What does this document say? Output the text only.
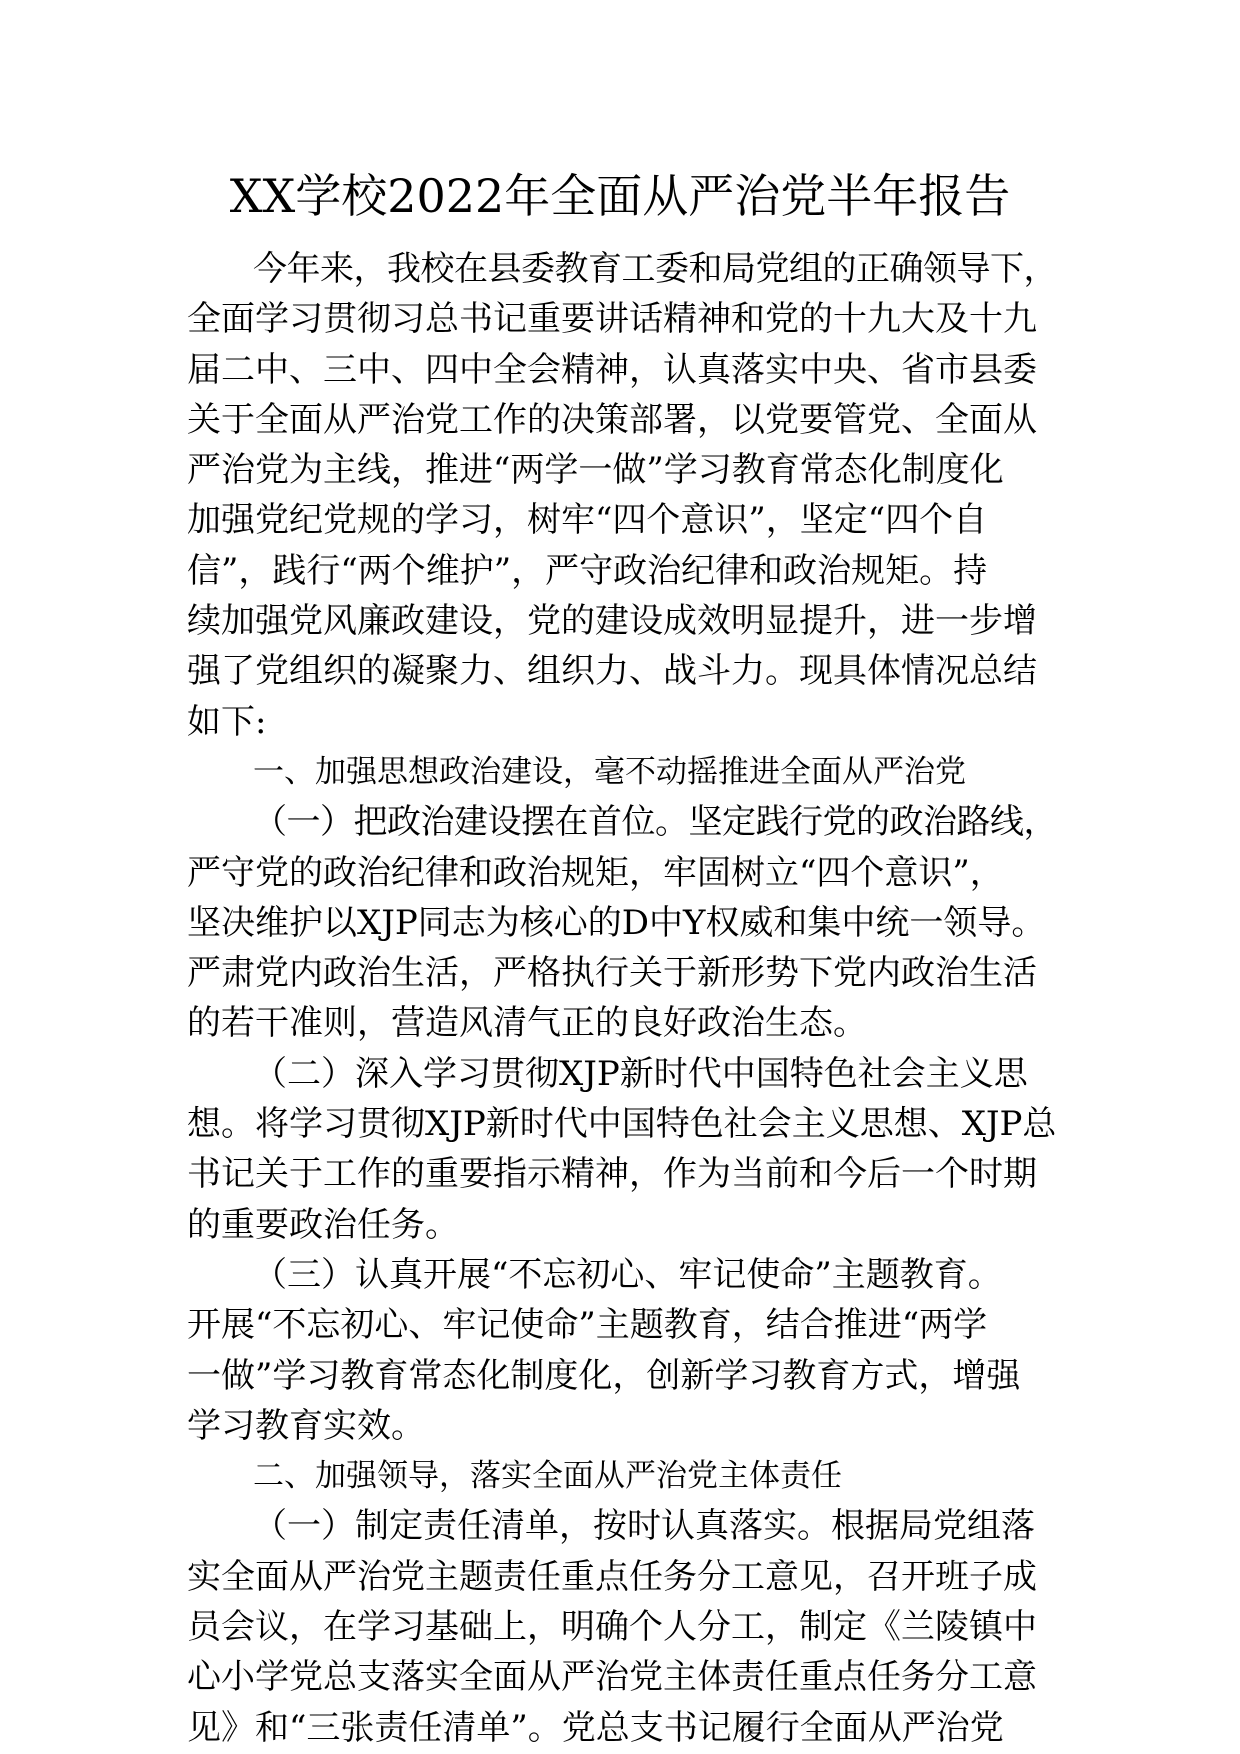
XX学校2022年全面从严治党半年报告
今年来，我校在县委教育工委和局党组的正确领导下，
全面学习贯彻习总书记重要讲话精神和党的十九大及十九
届二中、三中、四中全会精神，认真落实中央、省市县委
关于全面从严治党工作的决策部署，以党要管党、全面从
严治党为主线，推进“两学一做”学习教育常态化制度化
加强党纪党规的学习，树牢“四个意识”，坚定“四个自
信”，践行“两个维护”，严守政治纪律和政治规矩。持
续加强党风廉政建设，党的建设成效明显提升，进一步增
强了党组织的凝聚力、组织力、战斗力。现具体情况总结
如下:
一、加强思想政治建设，毫不动摇推进全面从严治党
（一）把政治建设摆在首位。坚定践行党的政治路线，
严守党的政治纪律和政治规矩，牢固树立“四个意识”，
坚决维护以XJP同志为核心的D中Y权威和集中统一领导。
严肃党内政治生活，严格执行关于新形势下党内政治生活
的若干准则，营造风清气正的良好政治生态。
（二）深入学习贯彻XJP新时代中国特色社会主义思
想。将学习贯彻XJP新时代中国特色社会主义思想、XJP总
书记关于工作的重要指示精神，作为当前和今后一个时期
的重要政治任务。
（三）认真开展“不忘初心、牢记使命”主题教育。
开展“不忘初心、牢记使命”主题教育，结合推进“两学
一做”学习教育常态化制度化，创新学习教育方式，增强
学习教育实效。
二、加强领导，落实全面从严治党主体责任
（一）制定责任清单，按时认真落实。根据局党组落
实全面从严治党主题责任重点任务分工意见，召开班子成
员会议，在学习基础上，明确个人分工，制定《兰陵镇中
心小学党总支落实全面从严治党主体责任重点任务分工意
见》和“三张责任清单”。党总支书记履行全面从严治党
